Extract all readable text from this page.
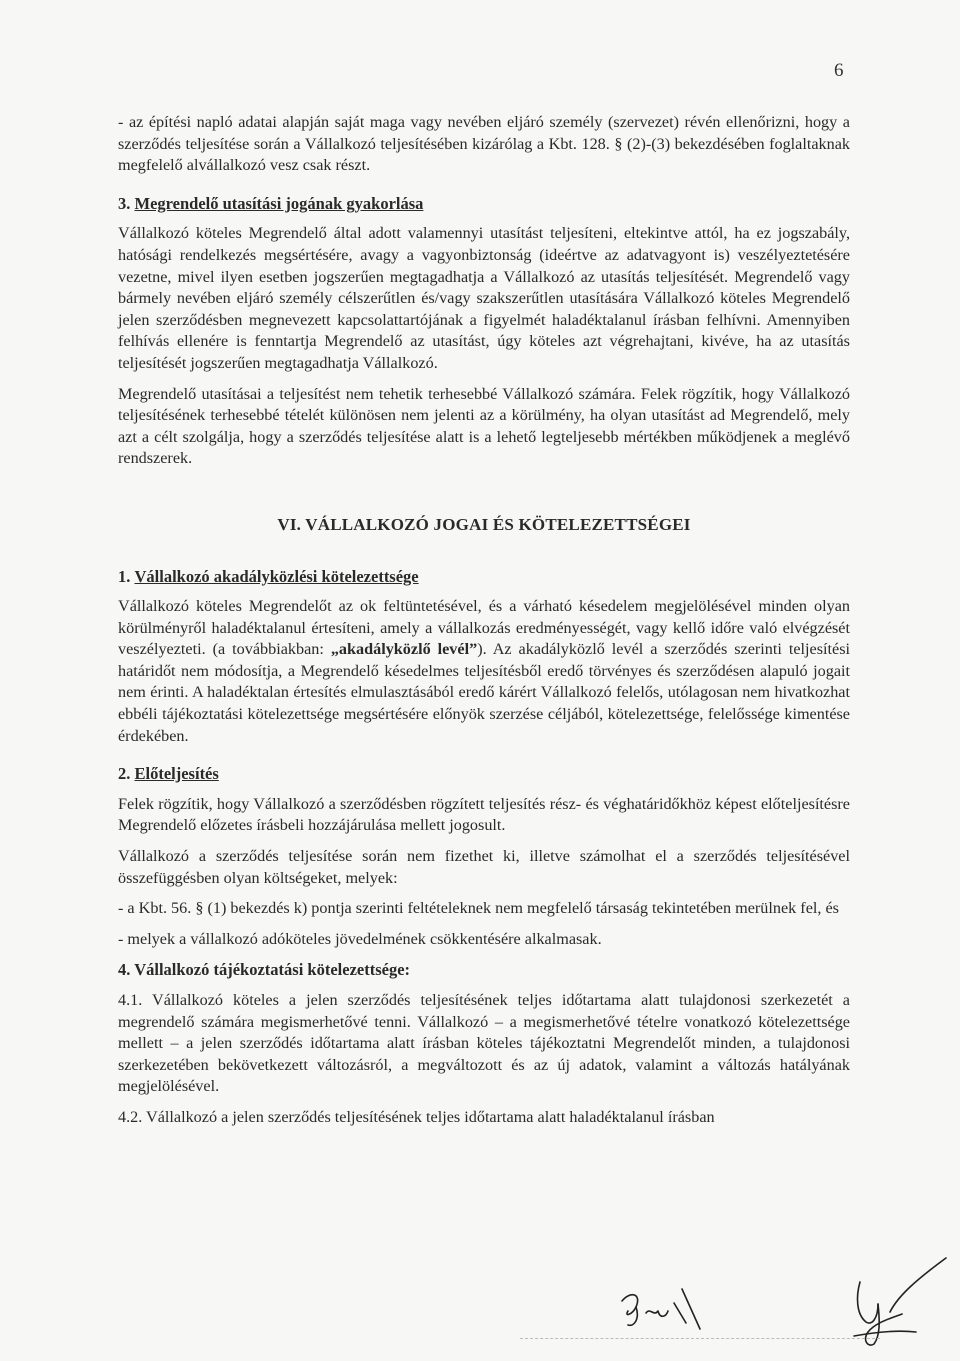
6

- az építési napló adatai alapján saját maga vagy nevében eljáró személy (szervezet) révén ellenőrizni, hogy a szerződés teljesítése során a Vállalkozó teljesítésében kizárólag a Kbt. 128. § (2)-(3) bekezdésében foglaltaknak megfelelő alvállalkozó vesz csak részt.

3. Megrendelő utasítási jogának gyakorlása

Vállalkozó köteles Megrendelő által adott valamennyi utasítást teljesíteni, eltekintve attól, ha ez jogszabály, hatósági rendelkezés megsértésére, avagy a vagyonbiztonság (ideértve az adatvagyont is) veszélyeztetésére vezetne, mivel ilyen esetben jogszerűen megtagadhatja a Vállalkozó az utasítás teljesítését. Megrendelő vagy bármely nevében eljáró személy célszerűtlen és/vagy szakszerűtlen utasítására Vállalkozó köteles Megrendelő jelen szerződésben megnevezett kapcsolattartójának a figyelmét haladéktalanul írásban felhívni. Amennyiben felhívás ellenére is fenntartja Megrendelő az utasítást, úgy köteles azt végrehajtani, kivéve, ha az utasítás teljesítését jogszerűen megtagadhatja Vállalkozó.

Megrendelő utasításai a teljesítést nem tehetik terhesebbé Vállalkozó számára. Felek rögzítik, hogy Vállalkozó teljesítésének terhesebbé tételét különösen nem jelenti az a körülmény, ha olyan utasítást ad Megrendelő, mely azt a célt szolgálja, hogy a szerződés teljesítése alatt is a lehető legteljesebb mértékben működjenek a meglévő rendszerek.

VI. VÁLLALKOZÓ JOGAI ÉS KÖTELEZETTSÉGEI

1. Vállalkozó akadályközlési kötelezettsége

Vállalkozó köteles Megrendelőt az ok feltüntetésével, és a várható késedelem megjelölésével minden olyan körülményről haladéktalanul értesíteni, amely a vállalkozás eredményességét, vagy kellő időre való elvégzését veszélyezteti. (a továbbiakban: „akadályközlő levél”). Az akadályközlő levél a szerződés szerinti teljesítési határidőt nem módosítja, a Megrendelő késedelmes teljesítésből eredő törvényes és szerződésen alapuló jogait nem érinti. A haladéktalan értesítés elmulasztásából eredő kárért Vállalkozó felelős, utólagosan nem hivatkozhat ebbéli tájékoztatási kötelezettsége megsértésére előnyök szerzése céljából, kötelezettsége, felelőssége kimentése érdekében.

2. Előteljesítés

Felek rögzítik, hogy Vállalkozó a szerződésben rögzített teljesítés rész- és véghatáridőkhöz képest előteljesítésre Megrendelő előzetes írásbeli hozzájárulása mellett jogosult.

Vállalkozó a szerződés teljesítése során nem fizethet ki, illetve számolhat el a szerződés teljesítésével összefüggésben olyan költségeket, melyek:

- a Kbt. 56. § (1) bekezdés k) pontja szerinti feltételeknek nem megfelelő társaság tekintetében merülnek fel, és

- melyek a vállalkozó adóköteles jövedelmének csökkentésére alkalmasak.

4. Vállalkozó tájékoztatási kötelezettsége:

4.1. Vállalkozó köteles a jelen szerződés teljesítésének teljes időtartama alatt tulajdonosi szerkezetét a megrendelő számára megismerhetővé tenni. Vállalkozó – a megismerhetővé tételre vonatkozó kötelezettsége mellett – a jelen szerződés időtartama alatt írásban köteles tájékoztatni Megrendelőt minden, a tulajdonosi szerkezetében bekövetkezett változásról, a megváltozott és az új adatok, valamint a változás hatályának megjelölésével.

4.2. Vállalkozó a jelen szerződés teljesítésének teljes időtartama alatt haladéktalanul írásban
